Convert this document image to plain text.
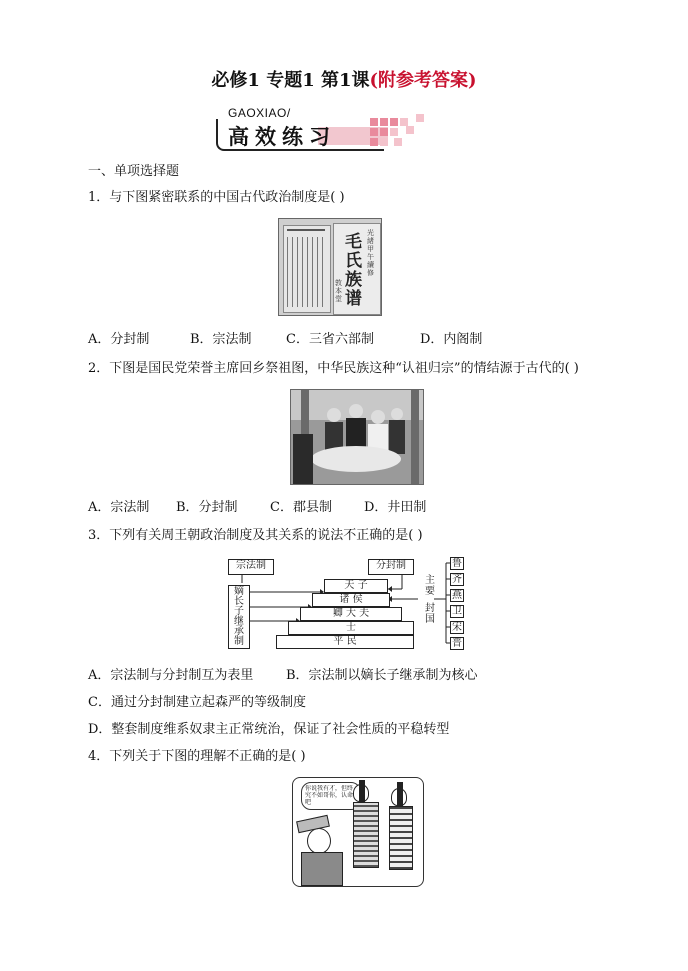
必修1 专题1 第1课(附参考答案)
GAOXIAO/
高效练习
一、单项选择题
1．与下图紧密联系的中国古代政治制度是( )
毛氏族谱
光緒甲午 續修
敦本堂
A．分封制	B．宗法制	C．三省六部制	D．内阁制
2．下图是国民党荣誉主席回乡祭祖图，中华民族这种“认祖归宗”的情结源于古代的( )
A．宗法制 B．分封制 C．郡县制 D．井田制
3．下列有关周王朝政治制度及其关系的说法不正确的是( )
宗法制	分封制
嫡
长
子
继
承
制
天 子
诸 侯
卿 大 夫
士
平 民
主
要
封
国
鲁
齐
燕
卫
宋
晋
A．宗法制与分封制互为表里	B．宗法制以嫡长子继承制为核心
C．通过分封制建立起森严的等级制度
D．整套制度维系奴隶主正常统治，保证了社会性质的平稳转型
4．下列关于下图的理解不正确的是( )
你说我有才，但终究不如哥你，认命吧
